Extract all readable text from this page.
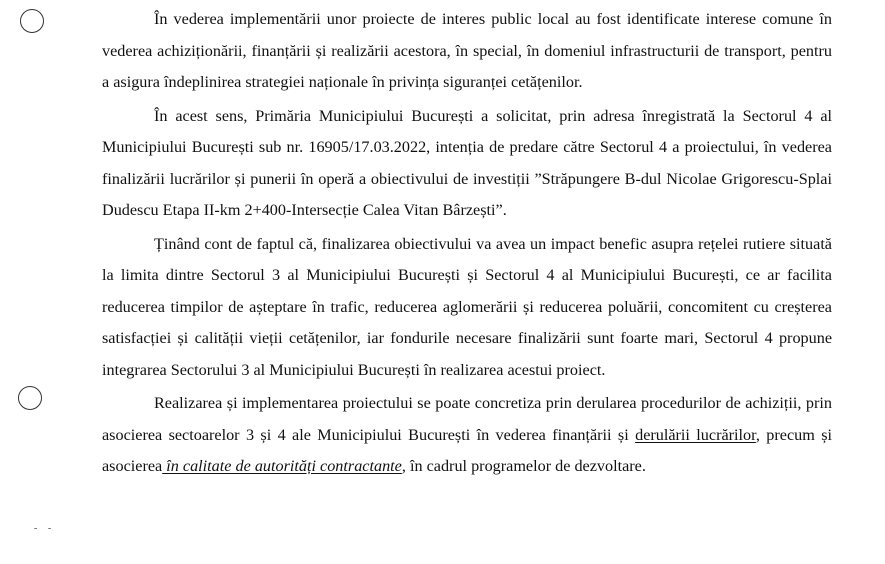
- -

În vederea implementării unor proiecte de interes public local au fost identificate interese comune în vederea achiziționării, finanțării și realizării acestora, în special, în domeniul infrastructurii de transport, pentru a asigura îndeplinirea strategiei naționale în privința siguranței cetățenilor.

În acest sens, Primăria Municipiului București a solicitat, prin adresa înregistrată la Sectorul 4 al Municipiului București sub nr. 16905/17.03.2022, intenția de predare către Sectorul 4 a proiectului, în vederea finalizării lucrărilor și punerii în operă a obiectivului de investiții ”Străpungere B-dul Nicolae Grigorescu-Splai Dudescu Etapa II-km 2+400-Intersecție Calea Vitan Bârzești”.

Ținând cont de faptul că, finalizarea obiectivului va avea un impact benefic asupra rețelei rutiere situată la limita dintre Sectorul 3 al Municipiului București și Sectorul 4 al Municipiului București, ce ar facilita reducerea timpilor de așteptare în trafic, reducerea aglomerării și reducerea poluării, concomitent cu creșterea satisfacției și calității vieții cetățenilor, iar fondurile necesare finalizării sunt foarte mari, Sectorul 4 propune integrarea Sectorului 3 al Municipiului București în realizarea acestui proiect.

Realizarea și implementarea proiectului se poate concretiza prin derularea procedurilor de achiziții, prin asocierea sectoarelor 3 și 4 ale Municipiului București în vederea finanțării și derulării lucrărilor, precum și asocierea în calitate de autorități contractante, în cadrul programelor de dezvoltare.
